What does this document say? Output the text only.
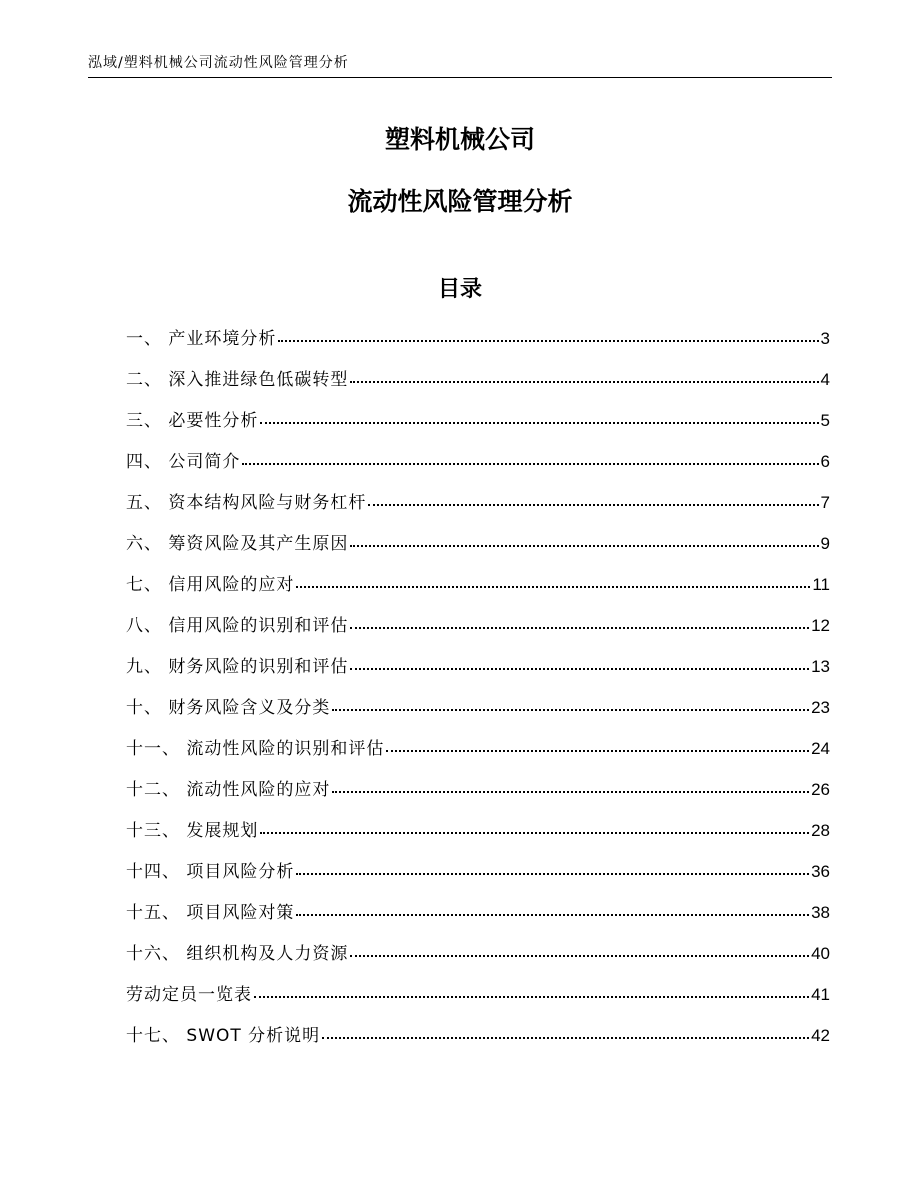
泓域/塑料机械公司流动性风险管理分析
塑料机械公司
流动性风险管理分析
目录
一、 产业环境分析	3
二、 深入推进绿色低碳转型	4
三、 必要性分析	5
四、 公司简介	6
五、 资本结构风险与财务杠杆	7
六、 筹资风险及其产生原因	9
七、 信用风险的应对	11
八、 信用风险的识别和评估	12
九、 财务风险的识别和评估	13
十、 财务风险含义及分类	23
十一、 流动性风险的识别和评估	24
十二、 流动性风险的应对	26
十三、 发展规划	28
十四、 项目风险分析	36
十五、 项目风险对策	38
十六、 组织机构及人力资源	40
劳动定员一览表	41
十七、 SWOT 分析说明	42
